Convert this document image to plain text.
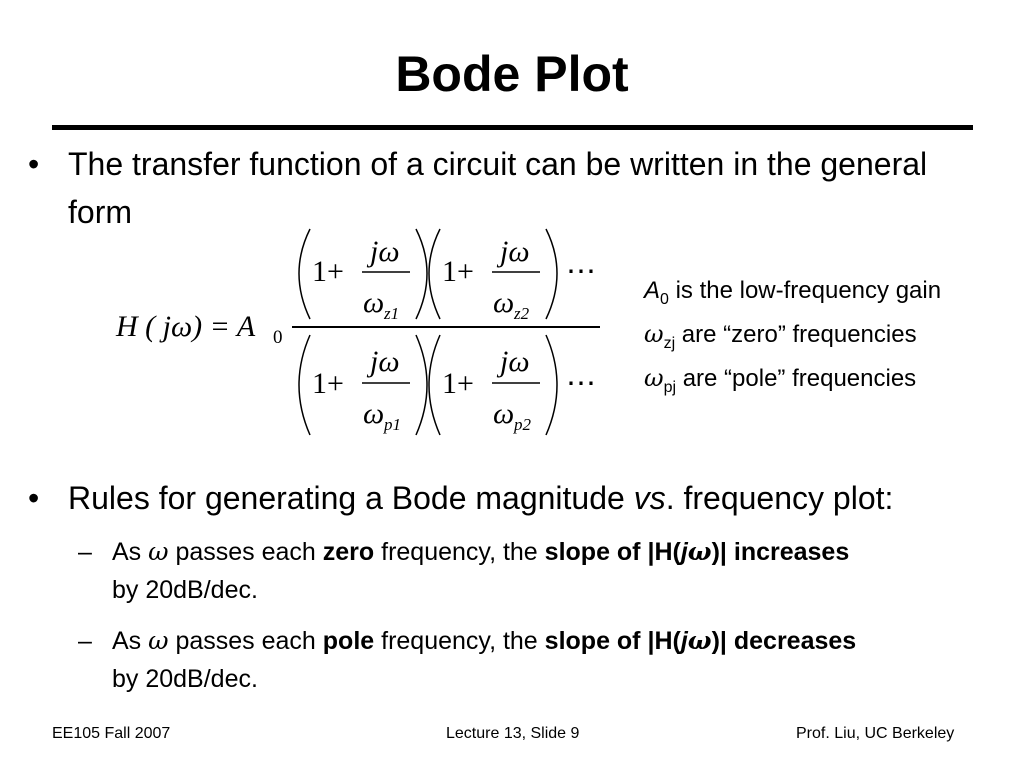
Bode Plot
• The transfer function of a circuit can be written in the general form
H ( jω) = A 0
1+
jω
ω z1
1+
jω
ω z2
⋯
1+
jω
ω p1
1+
jω
ω p2
⋯
$A_0$ is the low-frequency gain
$\omega_{zj}$ are “zero” frequencies
$\omega_{pj}$ are “pole” frequencies
• Rules for generating a Bode magnitude vs. frequency plot:
– As ω passes each zero frequency, the slope of |H(jω)| increases
by 20dB/dec.
– As ω passes each pole frequency, the slope of |H(jω)| decreases
by 20dB/dec.
EE105 Fall 2007	Lecture 13, Slide 9	Prof. Liu, UC Berkeley
